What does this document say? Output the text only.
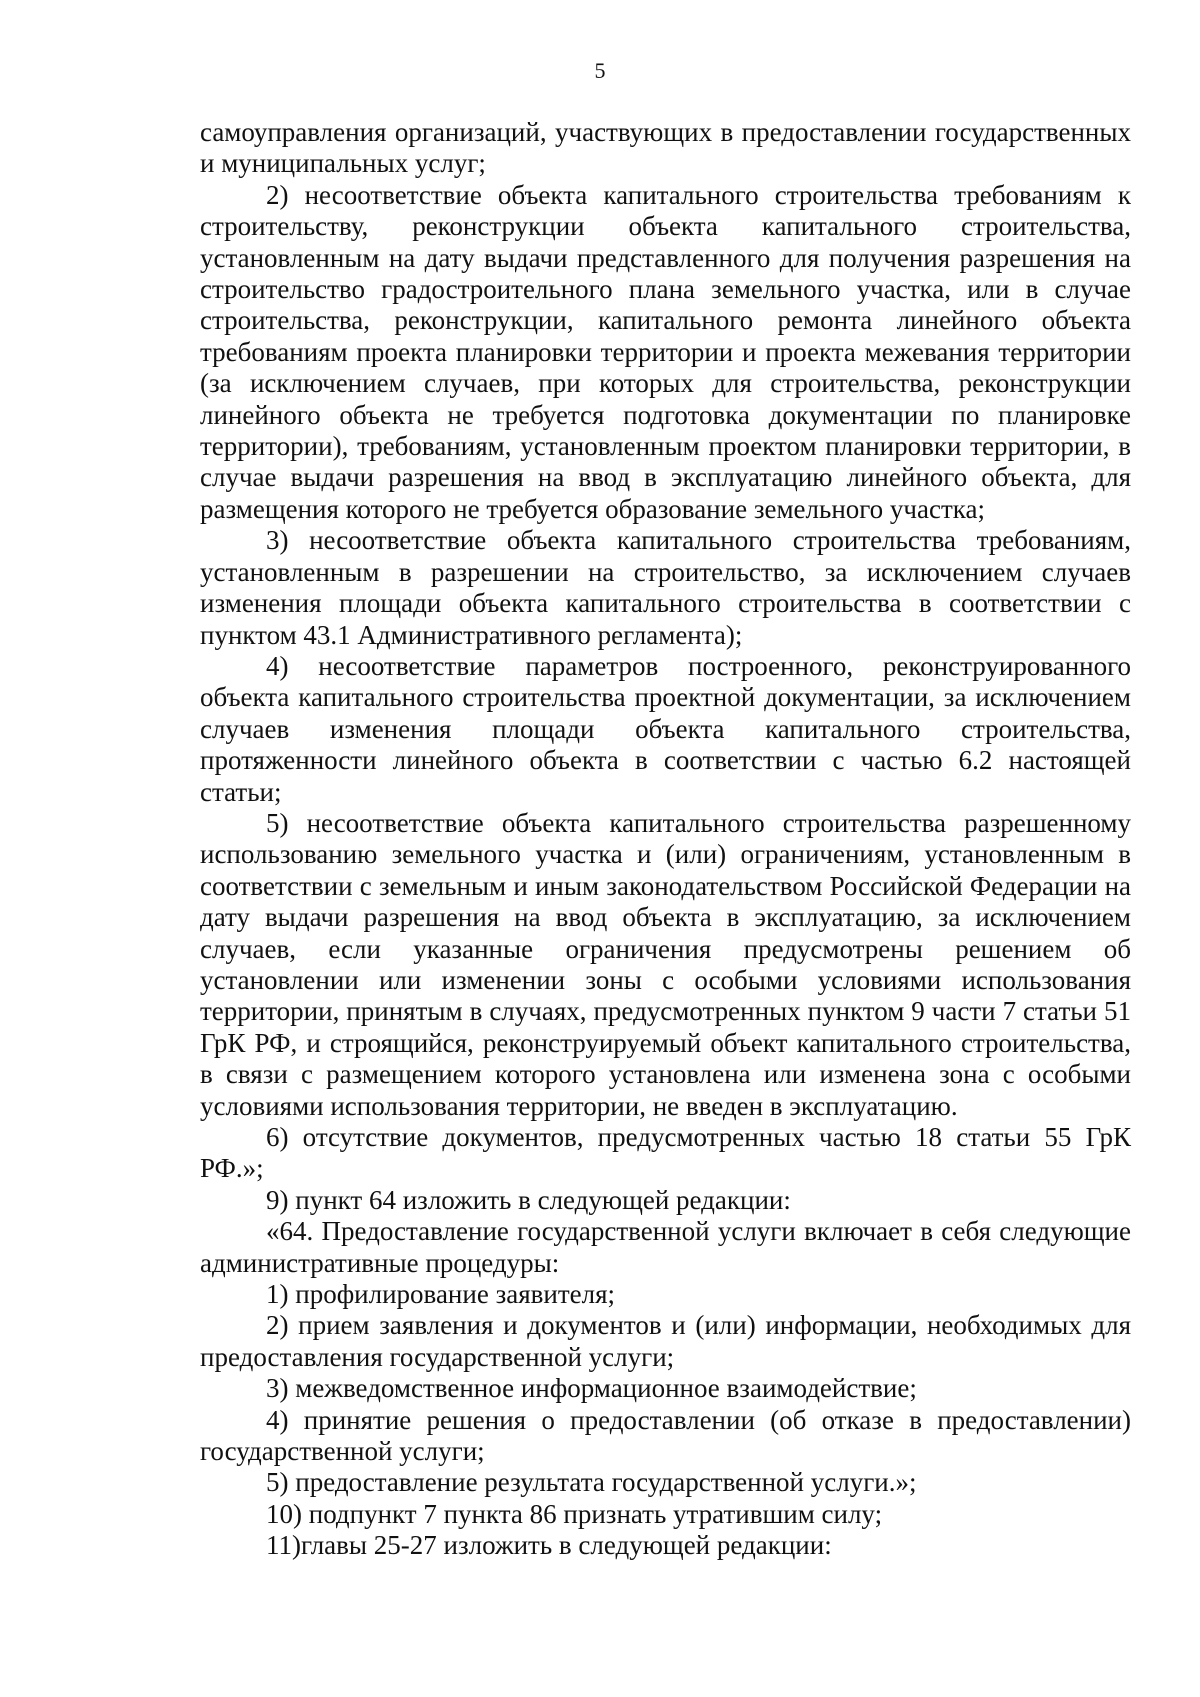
5

самоуправления организаций, участвующих в предоставлении государственных и муниципальных услуг;

2) несоответствие объекта капитального строительства требованиям к строительству, реконструкции объекта капитального строительства, установленным на дату выдачи представленного для получения разрешения на строительство градостроительного плана земельного участка, или в случае строительства, реконструкции, капитального ремонта линейного объекта требованиям проекта планировки территории и проекта межевания территории (за исключением случаев, при которых для строительства, реконструкции линейного объекта не требуется подготовка документации по планировке территории), требованиям, установленным проектом планировки территории, в случае выдачи разрешения на ввод в эксплуатацию линейного объекта, для размещения которого не требуется образование земельного участка;

3) несоответствие объекта капитального строительства требованиям, установленным в разрешении на строительство, за исключением случаев изменения площади объекта капитального строительства в соответствии с пунктом 43.1 Административного регламента);

4) несоответствие параметров построенного, реконструированного объекта капитального строительства проектной документации, за исключением случаев изменения площади объекта капитального строительства, протяженности линейного объекта в соответствии с частью 6.2 настоящей статьи;

5) несоответствие объекта капитального строительства разрешенному использованию земельного участка и (или) ограничениям, установленным в соответствии с земельным и иным законодательством Российской Федерации на дату выдачи разрешения на ввод объекта в эксплуатацию, за исключением случаев, если указанные ограничения предусмотрены решением об установлении или изменении зоны с особыми условиями использования территории, принятым в случаях, предусмотренных пунктом 9 части 7 статьи 51 ГрК РФ, и строящийся, реконструируемый объект капитального строительства, в связи с размещением которого установлена или изменена зона с особыми условиями использования территории, не введен в эксплуатацию.

6) отсутствие документов, предусмотренных частью 18 статьи 55 ГрК РФ.»;

9) пункт 64 изложить в следующей редакции:

«64. Предоставление государственной услуги включает в себя следующие административные процедуры:

1) профилирование заявителя;

2) прием заявления и документов и (или) информации, необходимых для предоставления государственной услуги;

3) межведомственное информационное взаимодействие;

4) принятие решения о предоставлении (об отказе в предоставлении) государственной услуги;

5) предоставление результата государственной услуги.»;

10) подпункт 7 пункта 86 признать утратившим силу;

11)главы 25-27 изложить в следующей редакции:
